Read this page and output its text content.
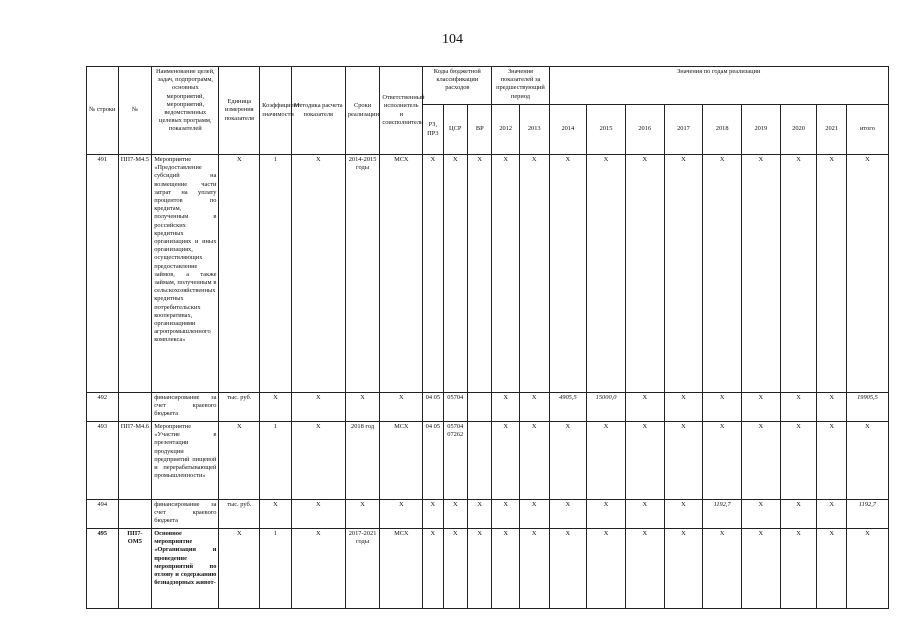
104
№ строки	№	Наименование целей, задач, подпрограмм, основных мероприятий, мероприятий, ведомственных целевых программ, показателей	Единица измерения показателя	Коэффициент значимости	Методика расчета показателя	Сроки реализации	Ответственный исполнитель и соисполнители	Коды бюджетной классификации расходов			Значения показателей за предшествующий период		Значения по годам реализации								
								РЗ, ПР3	ЦСР	ВР	2012	2013	2014	2015	2016	2017	2018	2019	2020	2021	итого
491	ПП7-М4.5	Мероприятие «Предоставление субсидий на возмещение части затрат на уплату процентов по кредитам, полученным в российских кредитных организациях и иных организациях, осуществляющих предоставление займов, а также займам, полученным в сельскохозяйственных кредитных потребительских кооперативах, организациями агропромышленного комплекса»	Х	1	Х	2014-2015 годы	МСХ	Х	Х	Х	Х	Х	Х	Х	Х	Х	Х	Х	Х	Х	Х
492		финансирование за счет краевого бюджета	тыс. руб.	Х	Х	Х	Х	04 05	05704		Х	Х	4905,5	15000,0	Х	Х	Х	Х	Х	Х	19905,5
493	ПП7-М4.6	Мероприятие «Участие в презентации продукции предприятий пищевой и перерабатывающей промышленности»	Х	1	Х	2018 год	МСХ	04 05	05704 07262		Х	Х	Х	Х	Х	Х	Х	Х	Х	Х	Х
494		финансирование за счет краевого бюджета	тыс. руб.	Х	Х	Х	Х	Х	Х	Х	Х	Х	Х	Х	Х	Х	1192,7	Х	Х	Х	1192,7
495	ПП7-ОМ5	Основное мероприятие «Организация и проведение мероприятий по отлову и содержанию безнадзорных живот-	Х	1	Х	2017-2021 годы	МСХ	Х	Х	Х	Х	Х	Х	Х	Х	Х	Х	Х	Х	Х	Х
